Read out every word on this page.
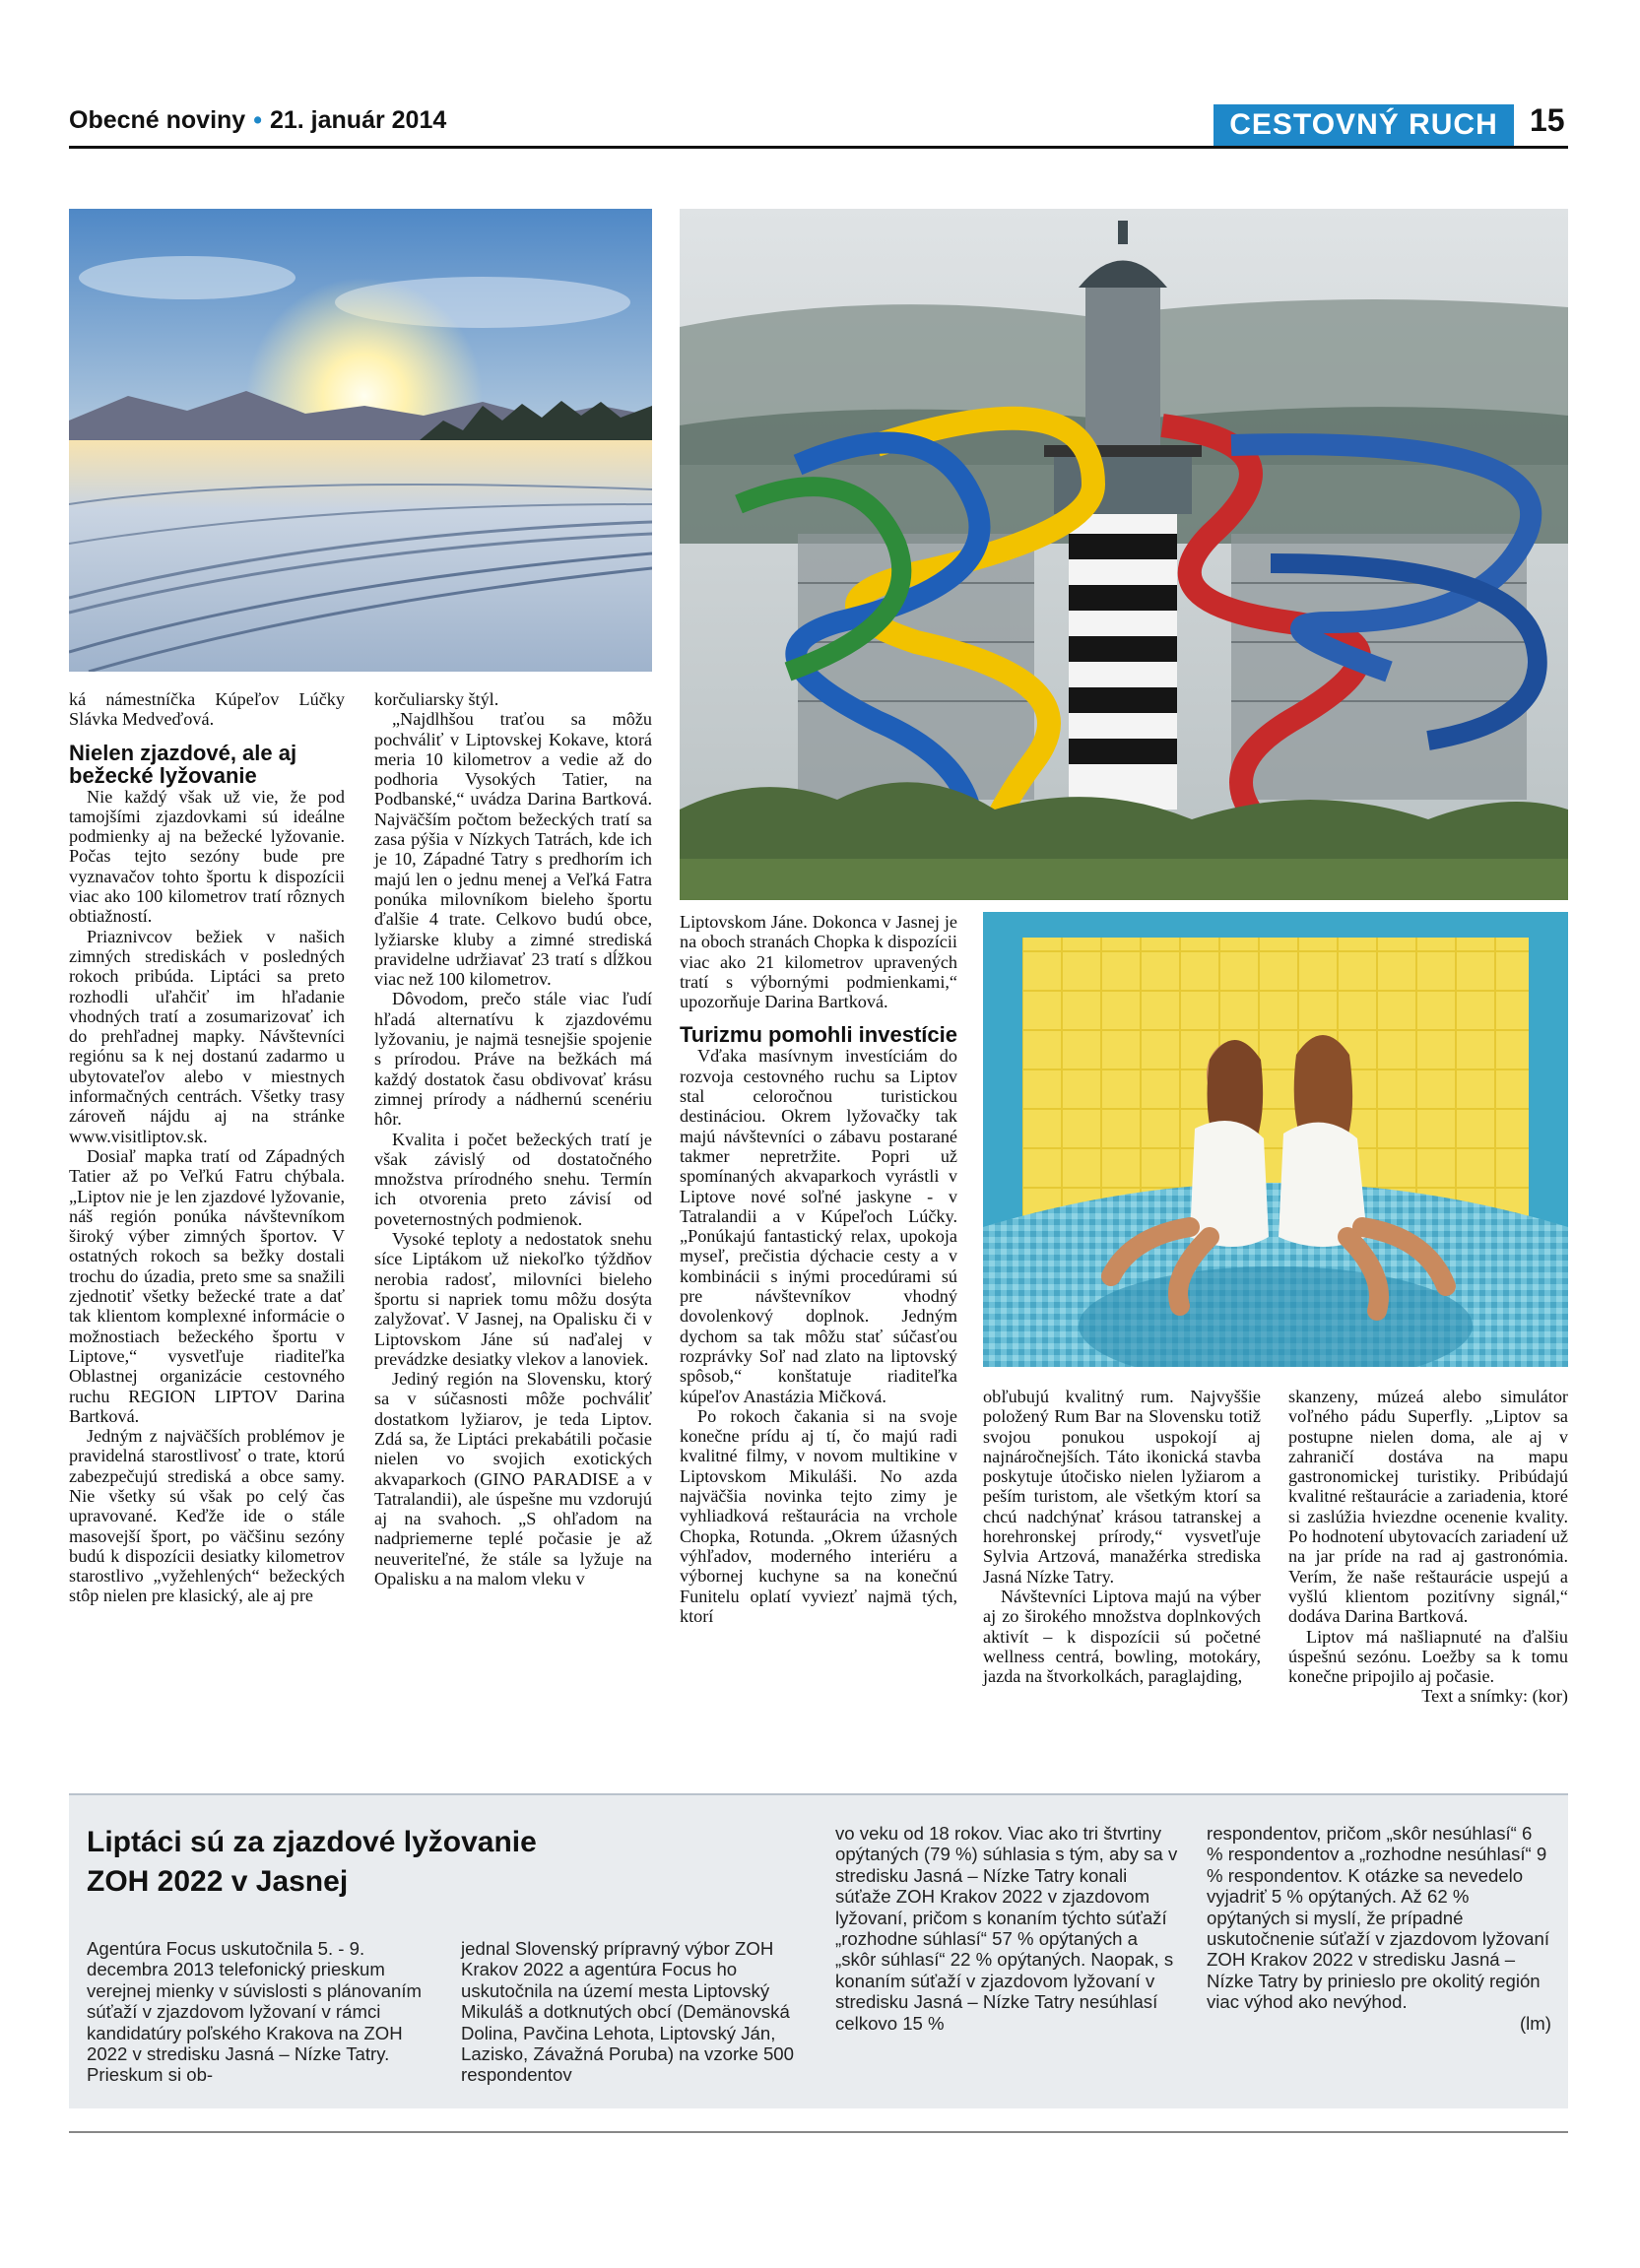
Obecné noviny • 21. január 2014	CESTOVNÝ RUCH	15

ká námestníčka Kúpeľov Lúčky Slávka Medveďová.

Nielen zjazdové, ale aj bežecké lyžovanie

Nie každý však už vie, že pod tamojšími zjazdovkami sú ideálne podmienky aj na bežecké lyžovanie. Počas tejto sezóny bude pre vyznavačov tohto športu k dispozícii viac ako 100 kilometrov tratí rôznych obtiažností.

Priaznivcov bežiek v našich zimných strediskách v posledných rokoch pribúda. Liptáci sa preto rozhodli uľahčiť im hľadanie vhodných tratí a zosumarizovať ich do prehľadnej mapky. Návštevníci regiónu sa k nej dostanú zadarmo u ubytovateľov alebo v miestnych informačných centrách. Všetky trasy zároveň nájdu aj na stránke www.visitliptov.sk.

Dosiaľ mapka tratí od Západných Tatier až po Veľkú Fatru chýbala. „Liptov nie je len zjazdové lyžovanie, náš región ponúka návštevníkom široký výber zimných športov. V ostatných rokoch sa bežky dostali trochu do úzadia, preto sme sa snažili zjednotiť všetky bežecké trate a dať tak klientom komplexné informácie o možnostiach bežeckého športu v Liptove,“ vysvetľuje riaditeľka Oblastnej organizácie cestovného ruchu REGION LIPTOV Darina Bartková.

Jedným z najväčších problémov je pravidelná starostlivosť o trate, ktorú zabezpečujú strediská a obce samy. Nie všetky sú však po celý čas upravované. Keďže ide o stále masovejší šport, po väčšinu sezóny budú k dispozícii desiatky kilometrov starostlivo „vyžehlených“ bežeckých stôp nielen pre klasický, ale aj pre

korčuliarsky štýl.

„Najdlhšou traťou sa môžu pochváliť v Liptovskej Kokave, ktorá meria 10 kilometrov a vedie až do podhoria Vysokých Tatier, na Podbanské,“ uvádza Darina Bartková. Najväčším počtom bežeckých tratí sa zasa pýšia v Nízkych Tatrách, kde ich je 10, Západné Tatry s predhorím ich majú len o jednu menej a Veľká Fatra ponúka milovníkom bieleho športu ďalšie 4 trate. Celkovo budú obce, lyžiarske kluby a zimné strediská pravidelne udržiavať 23 tratí s dĺžkou viac než 100 kilometrov.

Dôvodom, prečo stále viac ľudí hľadá alternatívu k zjazdovému lyžovaniu, je najmä tesnejšie spojenie s prírodou. Práve na bežkách má každý dostatok času obdivovať krásu zimnej prírody a nádhernú scenériu hôr.

Kvalita i počet bežeckých tratí je však závislý od dostatočného množstva prírodného snehu. Termín ich otvorenia preto závisí od poveternostných podmienok.

Vysoké teploty a nedostatok snehu síce Liptákom už niekoľko týždňov nerobia radosť, milovníci bieleho športu si napriek tomu môžu dosýta zalyžovať. V Jasnej, na Opalisku či v Liptovskom Jáne sú naďalej v prevádzke desiatky vlekov a lanoviek.

Jediný región na Slovensku, ktorý sa v súčasnosti môže pochváliť dostatkom lyžiarov, je teda Liptov. Zdá sa, že Liptáci prekabátili počasie nielen vo svojich exotických akvaparkoch (GINO PARADISE a v Tatralandii), ale úspešne mu vzdorujú aj na svahoch. „S ohľadom na nadpriemerne teplé počasie je až neuveriteľné, že stále sa lyžuje na Opalisku a na malom vleku v

Liptovskom Jáne. Dokonca v Jasnej je na oboch stranách Chopka k dispozícii viac ako 21 kilometrov upravených tratí s výbornými podmienkami,“ upozorňuje Darina Bartková.

Turizmu pomohli investície

Vďaka masívnym investíciám do rozvoja cestovného ruchu sa Liptov stal celoročnou turistickou destináciou. Okrem lyžovačky tak majú návštevníci o zábavu postarané takmer nepretržite. Popri už spomínaných akvaparkoch vyrástli v Liptove nové soľné jaskyne - v Tatralandii a v Kúpeľoch Lúčky. „Ponúkajú fantastický relax, upokoja myseľ, prečistia dýchacie cesty a v kombinácii s inými procedúrami sú pre návštevníkov vhodný dovolenkový doplnok. Jedným dychom sa tak môžu stať súčasťou rozprávky Soľ nad zlato na liptovský spôsob,“ konštatuje riaditeľka kúpeľov Anastázia Mičková.

Po rokoch čakania si na svoje konečne prídu aj tí, čo majú radi kvalitné filmy, v novom multikine v Liptovskom Mikuláši. No azda najväčšia novinka tejto zimy je vyhliadková reštaurácia na vrchole Chopka, Rotunda. „Okrem úžasných výhľadov, moderného interiéru a výbornej kuchyne sa na konečnú Funitelu oplatí vyviezť najmä tých, ktorí

obľubujú kvalitný rum. Najvyššie položený Rum Bar na Slovensku totiž svojou ponukou uspokojí aj najnáročnejších. Táto ikonická stavba poskytuje útočisko nielen lyžiarom a peším turistom, ale všetkým ktorí sa chcú nadchýnať krásou tatranskej a horehronskej prírody,“ vysvetľuje Sylvia Artzová, manažérka strediska Jasná Nízke Tatry.

Návštevníci Liptova majú na výber aj zo širokého množstva doplnkových aktivít – k dispozícii sú početné wellness centrá, bowling, motokáry, jazda na štvorkolkách, paraglajding,

skanzeny, múzeá alebo simulátor voľného pádu Superfly. „Liptov sa postupne nielen doma, ale aj v zahraničí dostáva na mapu gastronomickej turistiky. Pribúdajú kvalitné reštaurácie a zariadenia, ktoré si zaslúžia hviezdne ocenenie kvality. Po hodnotení ubytovacích zariadení už na jar príde na rad aj gastronómia. Verím, že naše reštaurácie uspejú a vyšlú klientom pozitívny signál,“ dodáva Darina Bartková.

Liptov má našliapnuté na ďalšiu úspešnú sezónu. Loežby sa k tomu konečne pripojilo aj počasie.

Text a snímky: (kor)

Liptáci sú za zjazdové lyžovanie ZOH 2022 v Jasnej
Agentúra Focus uskutočnila 5. - 9. decembra 2013 telefonický prieskum verejnej mienky v súvislosti s plánovaním súťaží v zjazdovom lyžovaní v rámci kandidatúry poľského Krakova na ZOH 2022 v stredisku Jasná – Nízke Tatry. Prieskum si ob-
jednal Slovenský prípravný výbor ZOH Krakov 2022 a agentúra Focus ho uskutočnila na území mesta Liptovský Mikuláš a dotknutých obcí (Demänovská Dolina, Pavčina Lehota, Liptovský Ján, Lazisko, Závažná Poruba) na vzorke 500 respondentov
vo veku od 18 rokov. Viac ako tri štvrtiny opýtaných (79 %) súhlasia s tým, aby sa v stredisku Jasná – Nízke Tatry konali súťaže ZOH Krakov 2022 v zjazdovom lyžovaní, pričom s konaním týchto súťaží „rozhodne súhlasí“ 57 % opýtaných a „skôr súhlasí“ 22 % opýtaných. Naopak, s konaním súťaží v zjazdovom lyžovaní v stredisku Jasná – Nízke Tatry nesúhlasí celkovo 15 %
respondentov, pričom „skôr nesúhlasí“ 6 % respondentov a „rozhodne nesúhlasí“ 9 % respondentov. K otázke sa nevedelo vyjadriť 5 % opýtaných. Až 62 % opýtaných si myslí, že prípadné uskutočnenie súťaží v zjazdovom lyžovaní ZOH Krakov 2022 v stredisku Jasná – Nízke Tatry by prinieslo pre okolitý región viac výhod ako nevýhod.
(lm)
